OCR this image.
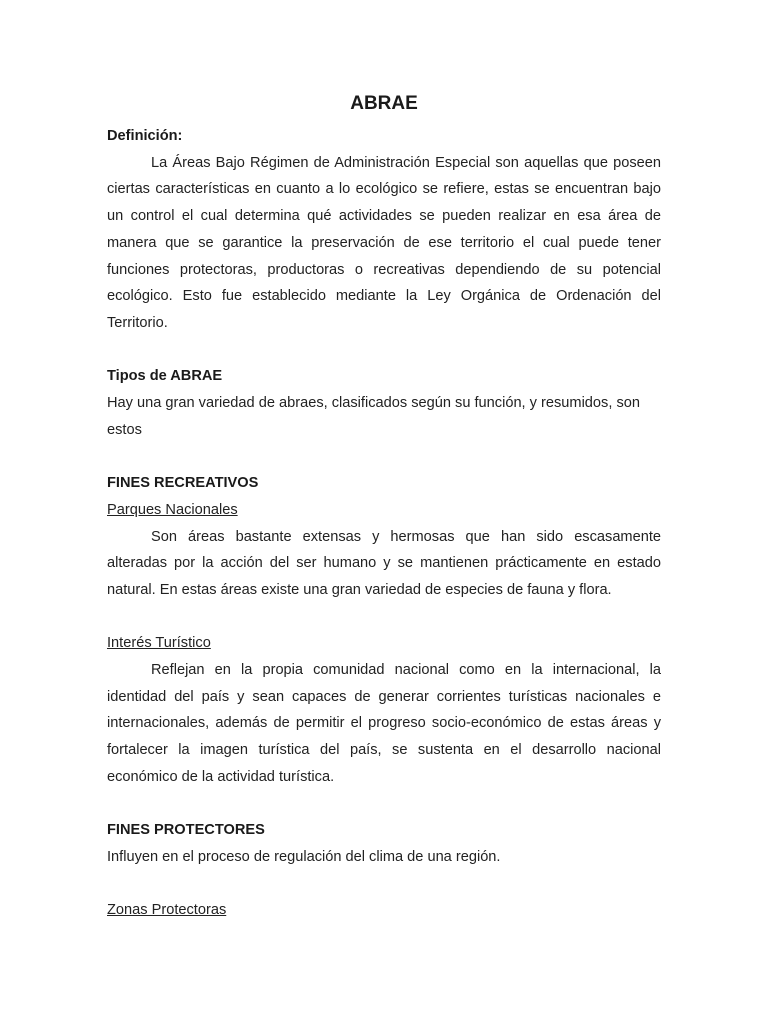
ABRAE

Definición:

La Áreas Bajo Régimen de Administración Especial son aquellas que poseen ciertas características en cuanto a lo ecológico se refiere, estas se encuentran bajo un control el cual determina qué actividades se pueden realizar en esa área de manera que se garantice la preservación de ese territorio el cual puede tener funciones protectoras, productoras o recreativas dependiendo de su potencial ecológico. Esto fue establecido mediante la Ley Orgánica de Ordenación del Territorio.

Tipos de ABRAE

Hay una gran variedad de abraes, clasificados según su función, y resumidos, son estos

FINES RECREATIVOS

Parques Nacionales

Son áreas bastante extensas y hermosas que han sido escasamente alteradas por la acción del ser humano y se mantienen prácticamente en estado natural. En estas áreas existe una gran variedad de especies de fauna y flora.

Interés Turístico

Reflejan en la propia comunidad nacional como en la internacional, la identidad del país y sean capaces de generar corrientes turísticas nacionales e internacionales, además de permitir el progreso socio-económico de estas áreas y fortalecer la imagen turística del país, se sustenta en el desarrollo nacional económico de la actividad turística.

FINES PROTECTORES

Influyen en el proceso de regulación del clima de una región.

Zonas Protectoras
